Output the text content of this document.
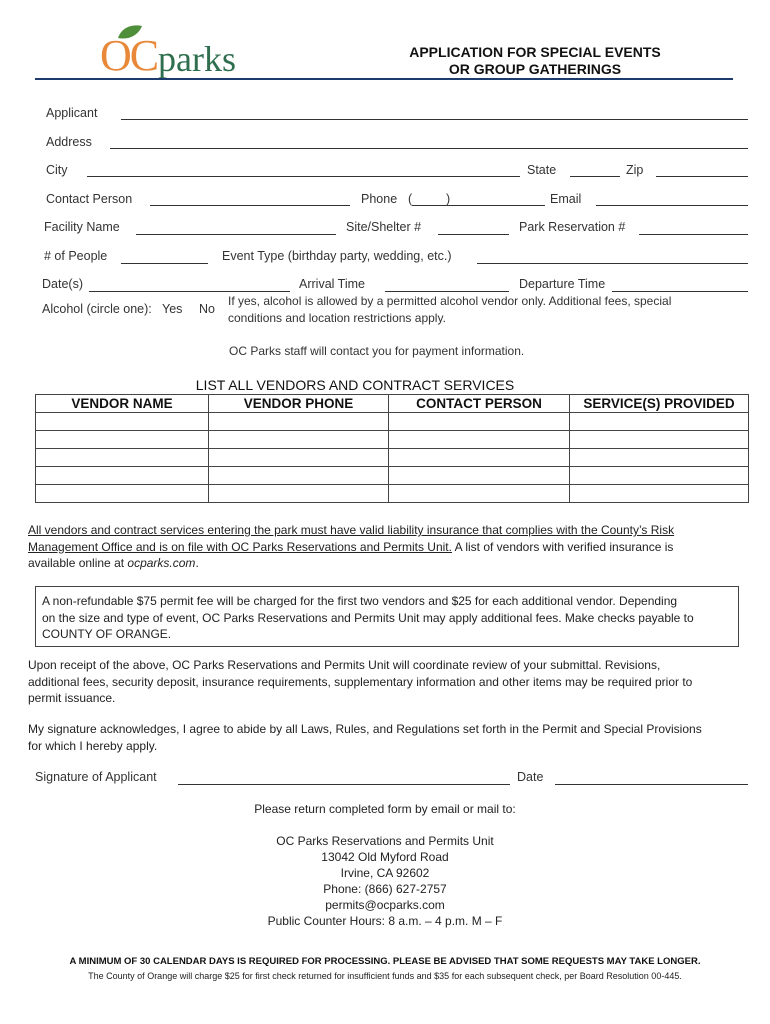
OC parks	APPLICATION FOR SPECIAL EVENTS
OR GROUP GATHERINGS
Applicant
Address
City	State	Zip
Contact Person	Phone (	)	Email
Facility Name	Site/Shelter #	Park Reservation #
# of People	Event Type (birthday party, wedding, etc.)
Date(s)	Arrival Time	Departure Time
Alcohol (circle one): Yes No
If yes, alcohol is allowed by a permitted alcohol vendor only. Additional fees, special
conditions and location restrictions apply.
OC Parks staff will contact you for payment information.
LIST ALL VENDORS AND CONTRACT SERVICES
VENDOR NAME	VENDOR PHONE	CONTACT PERSON	SERVICE(S) PROVIDED

All vendors and contract services entering the park must have valid liability insurance that complies with the County’s Risk
Management Office and is on file with OC Parks Reservations and Permits Unit. A list of vendors with verified insurance is
available online at ocparks.com.
A non-refundable $75 permit fee will be charged for the first two vendors and $25 for each additional vendor. Depending
on the size and type of event, OC Parks Reservations and Permits Unit may apply additional fees. Make checks payable to
COUNTY OF ORANGE.
Upon receipt of the above, OC Parks Reservations and Permits Unit will coordinate review of your submittal. Revisions,
additional fees, security deposit, insurance requirements, supplementary information and other items may be required prior to
permit issuance.
My signature acknowledges, I agree to abide by all Laws, Rules, and Regulations set forth in the Permit and Special Provisions
for which I hereby apply.
Signature of Applicant	Date
Please return completed form by email or mail to:
OC Parks Reservations and Permits Unit
13042 Old Myford Road
Irvine, CA 92602
Phone: (866) 627-2757
permits@ocparks.com
Public Counter Hours: 8 a.m. – 4 p.m. M – F
A MINIMUM OF 30 CALENDAR DAYS IS REQUIRED FOR PROCESSING. PLEASE BE ADVISED THAT SOME REQUESTS MAY TAKE LONGER.
The County of Orange will charge $25 for first check returned for insufficient funds and $35 for each subsequent check, per Board Resolution 00-445.
